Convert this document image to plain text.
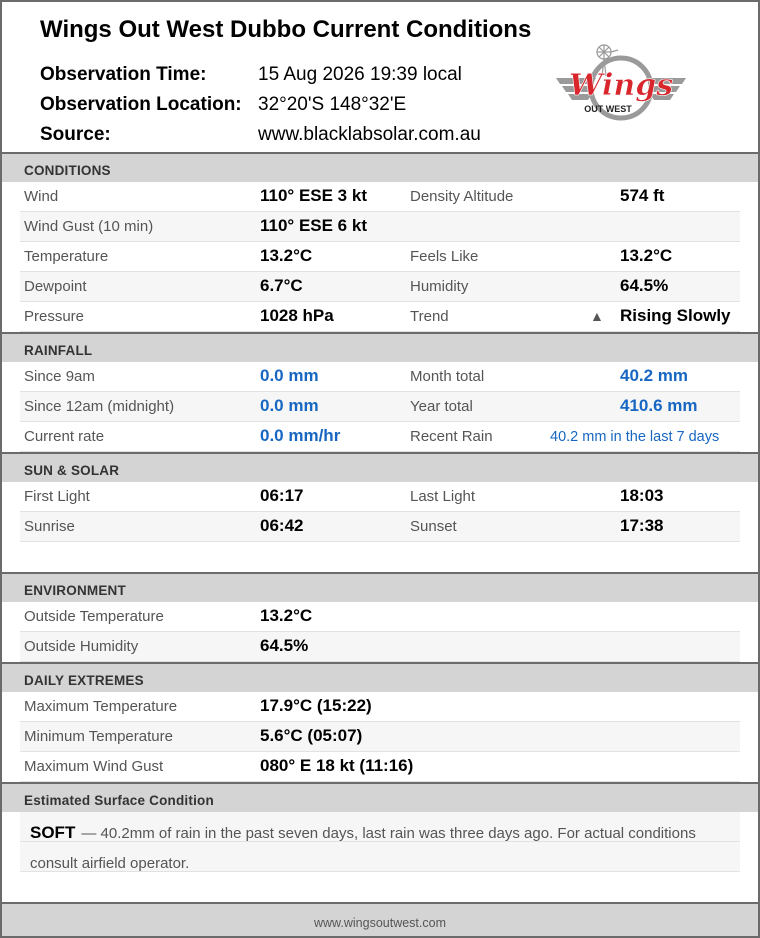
Wings Out West Dubbo Current Conditions
Observation Time:	15 Aug 2026 19:39 local
Observation Location: 32°20'S 148°32'E
Source:	www.blacklabsolar.com.au
Wings
OUT WEST
CONDITIONS
Wind	110° ESE 3 kt	Density Altitude	574 ft
Wind Gust (10 min)	110° ESE 6 kt
Temperature	13.2°C	Feels Like	13.2°C
Dewpoint	6.7°C	Humidity	64.5%
Pressure	1028 hPa	Trend	▲ Rising Slowly
RAINFALL
Since 9am	0.0 mm	Month total	40.2 mm
Since 12am (midnight)	0.0 mm	Year total	410.6 mm
Current rate	0.0 mm/hr	Recent Rain	40.2 mm in the last 7 days
SUN & SOLAR
First Light	06:17	Last Light	18:03
Sunrise	06:42	Sunset	17:38
ENVIRONMENT
Outside Temperature	13.2°C
Outside Humidity	64.5%
DAILY EXTREMES
Maximum Temperature	17.9°C (15:22)
Minimum Temperature	5.6°C (05:07)
Maximum Wind Gust	080° E 18 kt (11:16)
Estimated Surface Condition
SOFT — 40.2mm of rain in the past seven days, last rain was three days ago. For actual conditions consult airfield operator.
www.wingsoutwest.com
